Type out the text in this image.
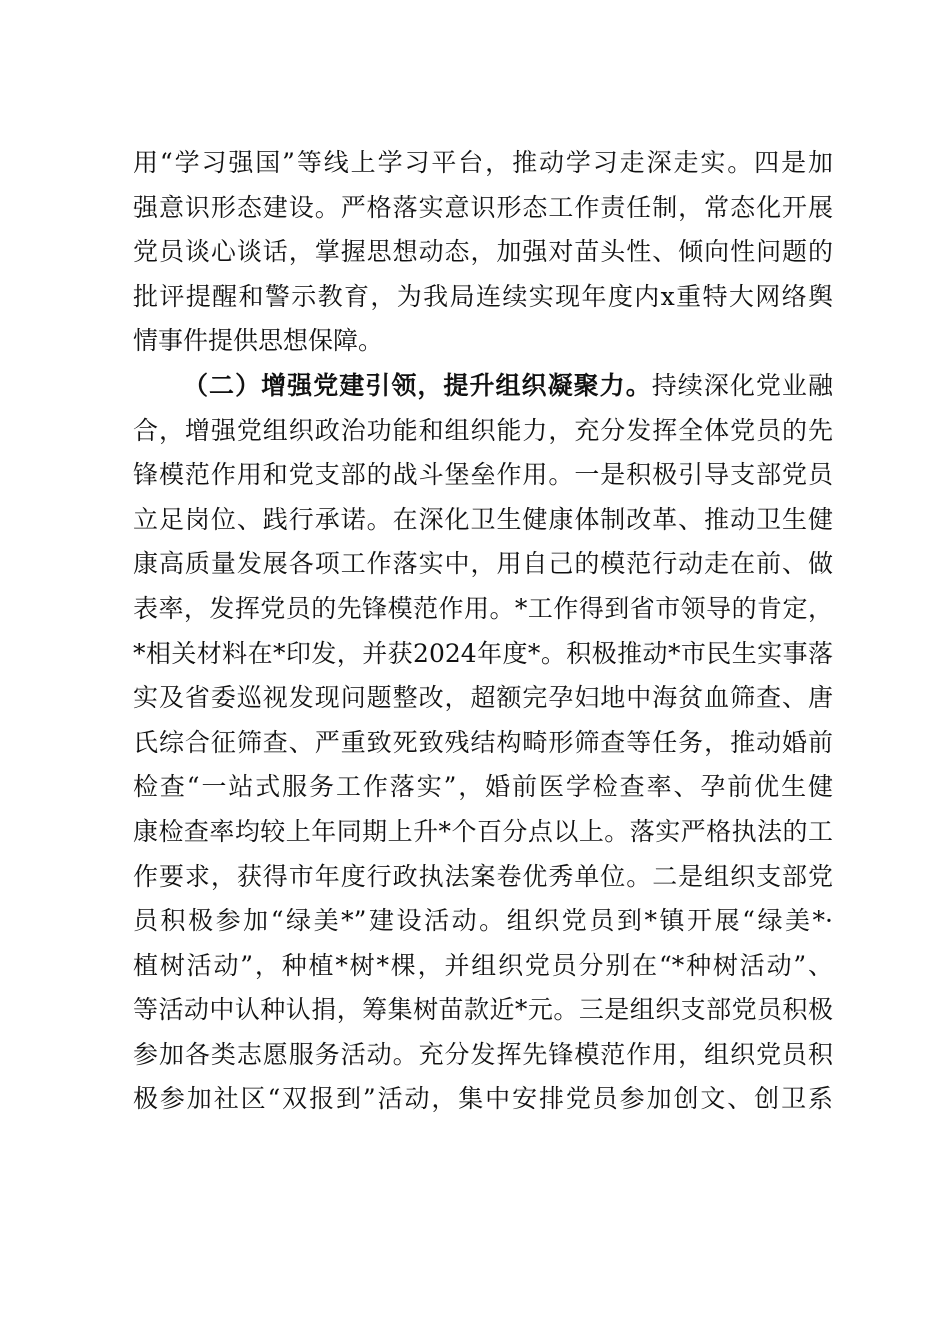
用“学习强国”等线上学习平台，推动学习走深走实。四是加
强意识形态建设。严格落实意识形态工作责任制，常态化开展
党员谈心谈话，掌握思想动态，加强对苗头性、倾向性问题的
批评提醒和警示教育，为我局连续实现年度内x重特大网络舆
情事件提供思想保障。
（二）增强党建引领，提升组织凝聚力。持续深化党业融
合，增强党组织政治功能和组织能力，充分发挥全体党员的先
锋模范作用和党支部的战斗堡垒作用。一是积极引导支部党员
立足岗位、践行承诺。在深化卫生健康体制改革、推动卫生健
康高质量发展各项工作落实中，用自己的模范行动走在前、做
表率，发挥党员的先锋模范作用。*工作得到省市领导的肯定，
*相关材料在*印发，并获2024年度*。积极推动*市民生实事落
实及省委巡视发现问题整改，超额完孕妇地中海贫血筛查、唐
氏综合征筛查、严重致死致残结构畸形筛查等任务，推动婚前
检查“一站式服务工作落实”，婚前医学检查率、孕前优生健
康检查率均较上年同期上升*个百分点以上。落实严格执法的工
作要求，获得市年度行政执法案卷优秀单位。二是组织支部党
员积极参加“绿美*”建设活动。组织党员到*镇开展“绿美*·
植树活动”，种植*树*棵，并组织党员分别在“*种树活动”、
等活动中认种认捐，筹集树苗款近*元。三是组织支部党员积极
参加各类志愿服务活动。充分发挥先锋模范作用，组织党员积
极参加社区“双报到”活动，集中安排党员参加创文、创卫系
